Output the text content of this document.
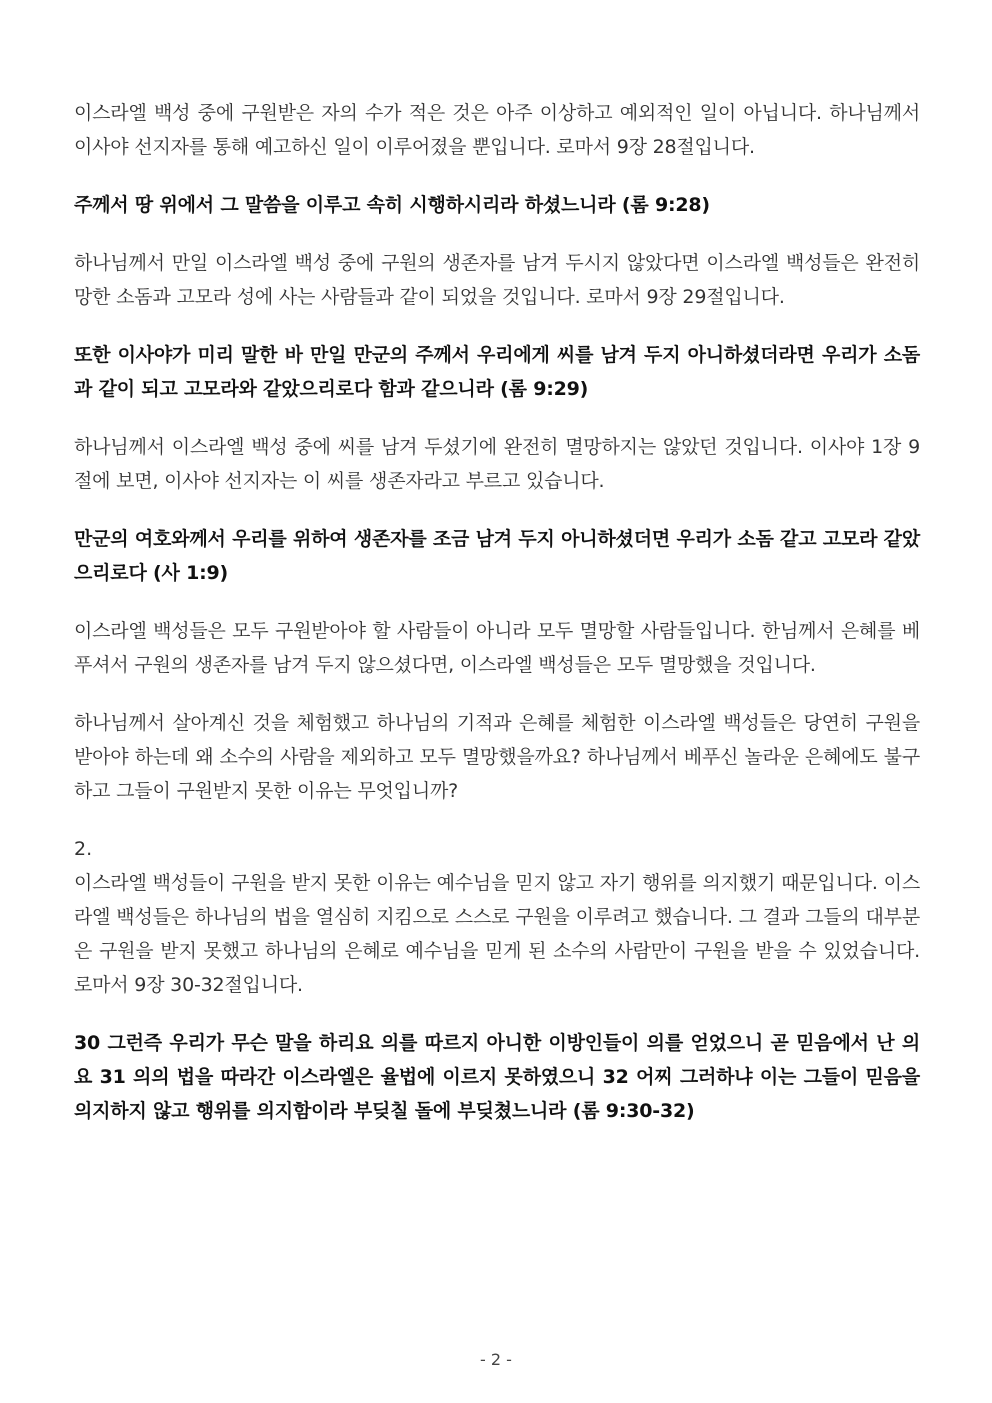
이스라엘 백성 중에 구원받은 자의 수가 적은 것은 아주 이상하고 예외적인 일이 아닙니다. 하나님께서 이사야 선지자를 통해 예고하신 일이 이루어졌을 뿐입니다. 로마서 9장 28절입니다.

주께서 땅 위에서 그 말씀을 이루고 속히 시행하시리라 하셨느니라 (롬 9:28)

하나님께서 만일 이스라엘 백성 중에 구원의 생존자를 남겨 두시지 않았다면 이스라엘 백성들은 완전히 망한 소돔과 고모라 성에 사는 사람들과 같이 되었을 것입니다. 로마서 9장 29절입니다.

또한 이사야가 미리 말한 바 만일 만군의 주께서 우리에게 씨를 남겨 두지 아니하셨더라면 우리가 소돔과 같이 되고 고모라와 같았으리로다 함과 같으니라 (롬 9:29)

하나님께서 이스라엘 백성 중에 씨를 남겨 두셨기에 완전히 멸망하지는 않았던 것입니다. 이사야 1장 9절에 보면, 이사야 선지자는 이 씨를 생존자라고 부르고 있습니다.

만군의 여호와께서 우리를 위하여 생존자를 조금 남겨 두지 아니하셨더면 우리가 소돔 같고 고모라 같았으리로다 (사 1:9)

이스라엘 백성들은 모두 구원받아야 할 사람들이 아니라 모두 멸망할 사람들입니다. 한님께서 은혜를 베푸셔서 구원의 생존자를 남겨 두지 않으셨다면, 이스라엘 백성들은 모두 멸망했을 것입니다.

하나님께서 살아계신 것을 체험했고 하나님의 기적과 은혜를 체험한 이스라엘 백성들은 당연히 구원을 받아야 하는데 왜 소수의 사람을 제외하고 모두 멸망했을까요? 하나님께서 베푸신 놀라운 은혜에도 불구하고 그들이 구원받지 못한 이유는 무엇입니까?

2.

이스라엘 백성들이 구원을 받지 못한 이유는 예수님을 믿지 않고 자기 행위를 의지했기 때문입니다. 이스라엘 백성들은 하나님의 법을 열심히 지킴으로 스스로 구원을 이루려고 했습니다. 그 결과 그들의 대부분은 구원을 받지 못했고 하나님의 은혜로 예수님을 믿게 된 소수의 사람만이 구원을 받을 수 있었습니다. 로마서 9장 30-32절입니다.

30 그런즉 우리가 무슨 말을 하리요 의를 따르지 아니한 이방인들이 의를 얻었으니 곧 믿음에서 난 의요 31 의의 법을 따라간 이스라엘은 율법에 이르지 못하였으니 32 어찌 그러하냐 이는 그들이 믿음을 의지하지 않고 행위를 의지함이라 부딪칠 돌에 부딪쳤느니라 (롬 9:30-32)

- 2 -
